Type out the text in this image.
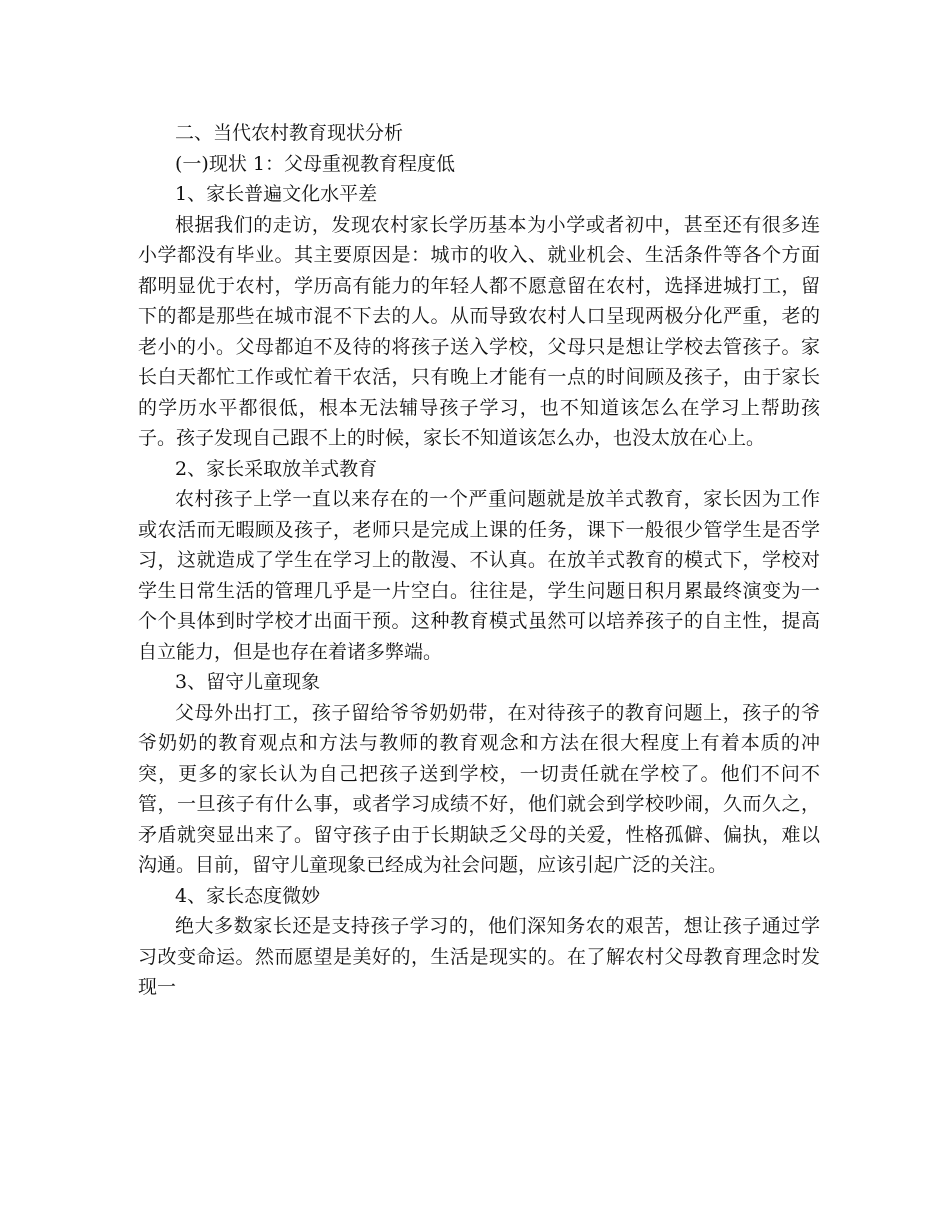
二、当代农村教育现状分析

(一)现状 1：父母重视教育程度低

1、家长普遍文化水平差

根据我们的走访，发现农村家长学历基本为小学或者初中，甚至还有很多连小学都没有毕业。其主要原因是：城市的收入、就业机会、生活条件等各个方面都明显优于农村，学历高有能力的年轻人都不愿意留在农村，选择进城打工，留下的都是那些在城市混不下去的人。从而导致农村人口呈现两极分化严重，老的老小的小。父母都迫不及待的将孩子送入学校，父母只是想让学校去管孩子。家长白天都忙工作或忙着干农活，只有晚上才能有一点的时间顾及孩子，由于家长的学历水平都很低，根本无法辅导孩子学习，也不知道该怎么在学习上帮助孩子。孩子发现自己跟不上的时候，家长不知道该怎么办，也没太放在心上。

2、家长采取放羊式教育

农村孩子上学一直以来存在的一个严重问题就是放羊式教育，家长因为工作或农活而无暇顾及孩子，老师只是完成上课的任务，课下一般很少管学生是否学习，这就造成了学生在学习上的散漫、不认真。在放羊式教育的模式下，学校对学生日常生活的管理几乎是一片空白。往往是，学生问题日积月累最终演变为一个个具体到时学校才出面干预。这种教育模式虽然可以培养孩子的自主性，提高自立能力，但是也存在着诸多弊端。

3、留守儿童现象

父母外出打工，孩子留给爷爷奶奶带，在对待孩子的教育问题上，孩子的爷爷奶奶的教育观点和方法与教师的教育观念和方法在很大程度上有着本质的冲突，更多的家长认为自己把孩子送到学校，一切责任就在学校了。他们不问不管，一旦孩子有什么事，或者学习成绩不好，他们就会到学校吵闹，久而久之，矛盾就突显出来了。留守孩子由于长期缺乏父母的关爱，性格孤僻、偏执，难以沟通。目前，留守儿童现象已经成为社会问题，应该引起广泛的关注。

4、家长态度微妙

绝大多数家长还是支持孩子学习的，他们深知务农的艰苦，想让孩子通过学习改变命运。然而愿望是美好的，生活是现实的。在了解农村父母教育理念时发现一
